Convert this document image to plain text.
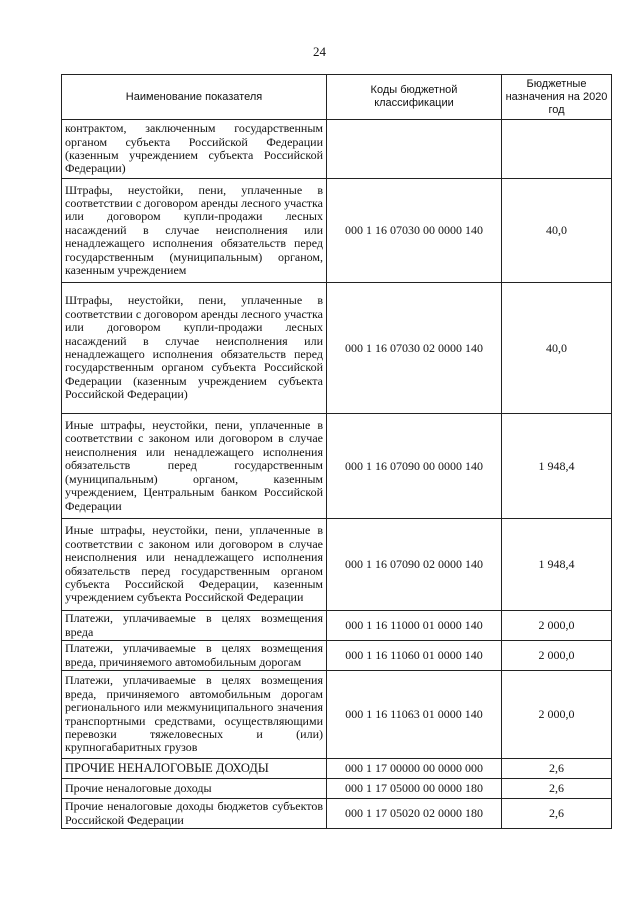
24
Наименование показателя	Коды бюджетной классификации	Бюджетные назначения на 2020 год
контрактом, заключенным государственным органом субъекта Российской Федерации (казенным учреждением субъекта Российской Федерации)		
Штрафы, неустойки, пени, уплаченные в соответствии с договором аренды лесного участка или договором купли-продажи лесных насаждений в случае неисполнения или ненадлежащего исполнения обязательств перед государственным (муниципальным) органом, казенным учреждением	000 1 16 07030 00 0000 140	40,0
Штрафы, неустойки, пени, уплаченные в соответствии с договором аренды лесного участка или договором купли-продажи лесных насаждений в случае неисполнения или ненадлежащего исполнения обязательств перед государственным органом субъекта Российской Федерации (казенным учреждением субъекта Российской Федерации)	000 1 16 07030 02 0000 140	40,0
Иные штрафы, неустойки, пени, уплаченные в соответствии с законом или договором в случае неисполнения или ненадлежащего исполнения обязательств перед государственным (муниципальным) органом, казенным учреждением, Центральным банком Российской Федерации	000 1 16 07090 00 0000 140	1 948,4
Иные штрафы, неустойки, пени, уплаченные в соответствии с законом или договором в случае неисполнения или ненадлежащего исполнения обязательств перед государственным органом субъекта Российской Федерации, казенным учреждением субъекта Российской Федерации	000 1 16 07090 02 0000 140	1 948,4
Платежи, уплачиваемые в целях возмещения вреда	000 1 16 11000 01 0000 140	2 000,0
Платежи, уплачиваемые в целях возмещения вреда, причиняемого автомобильным дорогам	000 1 16 11060 01 0000 140	2 000,0
Платежи, уплачиваемые в целях возмещения вреда, причиняемого автомобильным дорогам регионального или межмуниципального значения транспортными средствами, осуществляющими перевозки тяжеловесных и (или) крупногабаритных грузов	000 1 16 11063 01 0000 140	2 000,0
ПРОЧИЕ НЕНАЛОГОВЫЕ ДОХОДЫ	000 1 17 00000 00 0000 000	2,6
Прочие неналоговые доходы	000 1 17 05000 00 0000 180	2,6
Прочие неналоговые доходы бюджетов субъектов Российской Федерации	000 1 17 05020 02 0000 180	2,6
